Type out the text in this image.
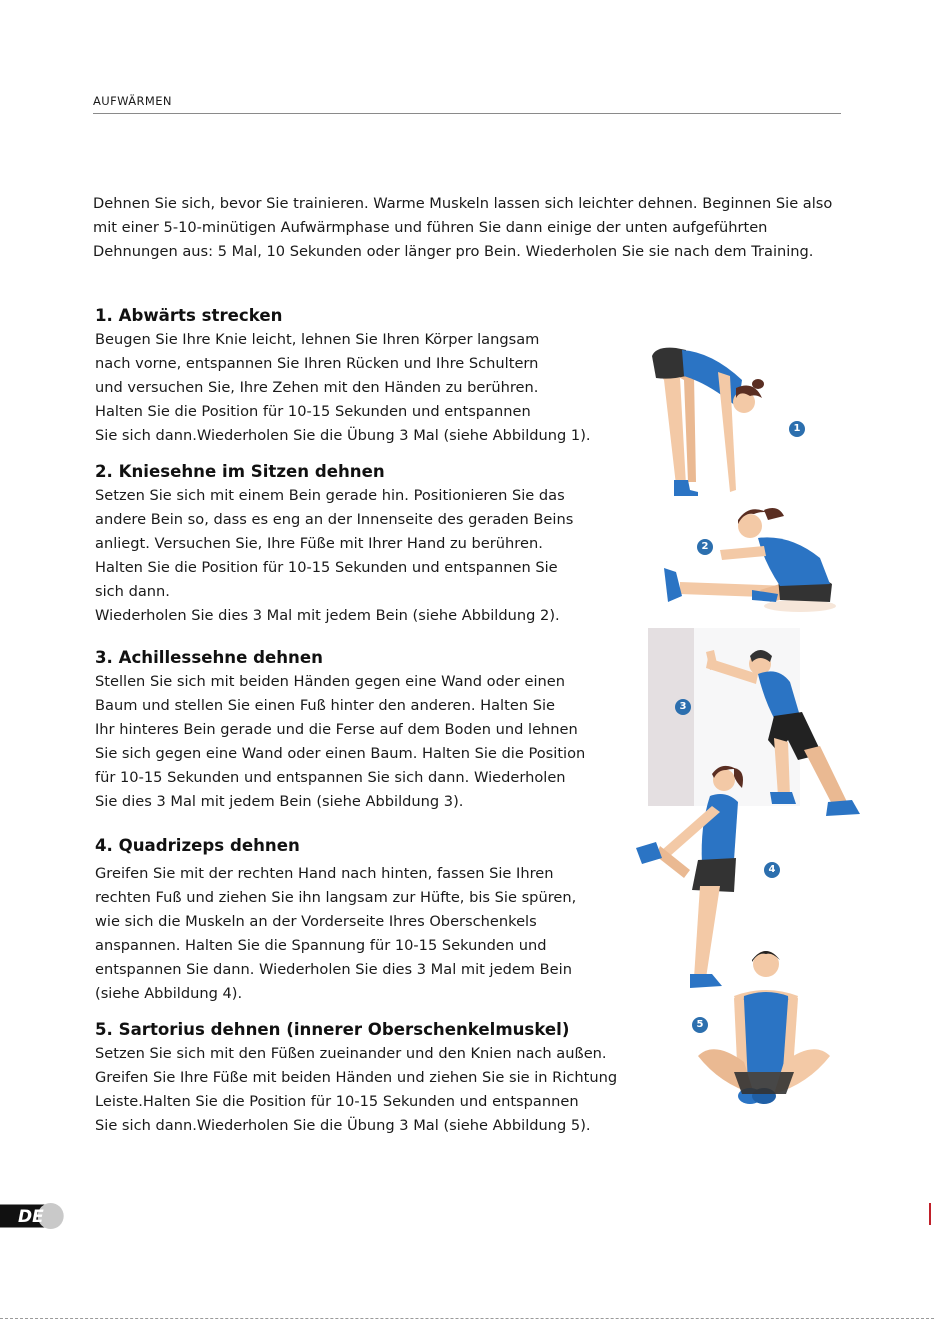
AUFWÄRMEN

Dehnen Sie sich, bevor Sie trainieren. Warme Muskeln lassen sich leichter dehnen. Beginnen Sie also mit einer 5-10-minütigen Aufwärmphase und führen Sie dann einige der unten aufgeführten Dehnungen aus: 5 Mal, 10 Sekunden oder länger pro Bein. Wiederholen Sie sie nach dem Training.

1. Abwärts strecken

Beugen Sie Ihre Knie leicht, lehnen Sie Ihren Körper langsam
nach vorne, entspannen Sie Ihren Rücken und Ihre Schultern
und versuchen Sie, Ihre Zehen mit den Händen zu berühren.
Halten Sie die Position für 10-15 Sekunden und entspannen
Sie sich dann.Wiederholen Sie die Übung 3 Mal (siehe Abbildung 1).

2. Kniesehne im Sitzen dehnen

Setzen Sie sich mit einem Bein gerade hin. Positionieren Sie das
andere Bein so, dass es eng an der Innenseite des geraden Beins
anliegt. Versuchen Sie, Ihre Füße mit Ihrer Hand zu berühren.
Halten Sie die Position für 10-15 Sekunden und entspannen Sie
sich dann.
Wiederholen Sie dies 3 Mal mit jedem Bein (siehe Abbildung 2).

3. Achillessehne dehnen

Stellen Sie sich mit beiden Händen gegen eine Wand oder einen
Baum und stellen Sie einen Fuß hinter den anderen. Halten Sie
Ihr hinteres Bein gerade und die Ferse auf dem Boden und lehnen
Sie sich gegen eine Wand oder einen Baum. Halten Sie die Position
für 10-15 Sekunden und entspannen Sie sich dann. Wiederholen
Sie dies 3 Mal mit jedem Bein (siehe Abbildung 3).

4. Quadrizeps dehnen

Greifen Sie mit der rechten Hand nach hinten, fassen Sie Ihren
rechten Fuß und ziehen Sie ihn langsam zur Hüfte, bis Sie spüren,
wie sich die Muskeln an der Vorderseite Ihres Oberschenkels
anspannen. Halten Sie die Spannung für 10-15 Sekunden und
entspannen Sie dann. Wiederholen Sie dies 3 Mal mit jedem Bein
(siehe Abbildung 4).

5. Sartorius dehnen (innerer Oberschenkelmuskel)

Setzen Sie sich mit den Füßen zueinander und den Knien nach außen.
Greifen Sie Ihre Füße mit beiden Händen und ziehen Sie sie in Richtung
Leiste.Halten Sie die Position für 10-15 Sekunden und entspannen
Sie sich dann.Wiederholen Sie die Übung 3 Mal (siehe Abbildung 5).

1
2
3
4
5
DE
